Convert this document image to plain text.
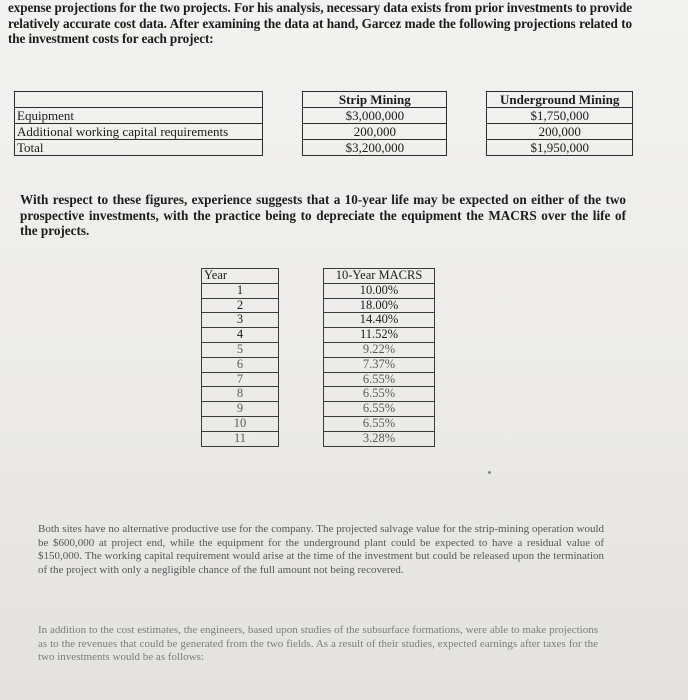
expense projections for the two projects. For his analysis, necessary data exists from prior investments to provide relatively accurate cost data. After examining the data at hand, Garcez made the following projections related to the investment costs for each project:

		Strip Mining		Underground Mining
Equipment		$3,000,000		$1,750,000
Additional working capital requirements		200,000		200,000
Total		$3,200,000		$1,950,000

With respect to these figures, experience suggests that a 10-year life may be expected on either of the two prospective investments, with the practice being to depreciate the equipment the MACRS over the life of the projects.

Year		10-Year MACRS
1		10.00%
2		18.00%
3		14.40%
4		11.52%
5		9.22%
6		7.37%
7		6.55%
8		6.55%
9		6.55%
10		6.55%
11		3.28%

Both sites have no alternative productive use for the company. The projected salvage value for the strip-mining operation would be $600,000 at project end, while the equipment for the underground plant could be expected to have a residual value of $150,000. The working capital requirement would arise at the time of the investment but could be released upon the termination of the project with only a negligible chance of the full amount not being recovered.

In addition to the cost estimates, the engineers, based upon studies of the subsurface formations, were able to make projections as to the revenues that could be generated from the two fields. As a result of their studies, expected earnings after taxes for the two investments would be as follows:
